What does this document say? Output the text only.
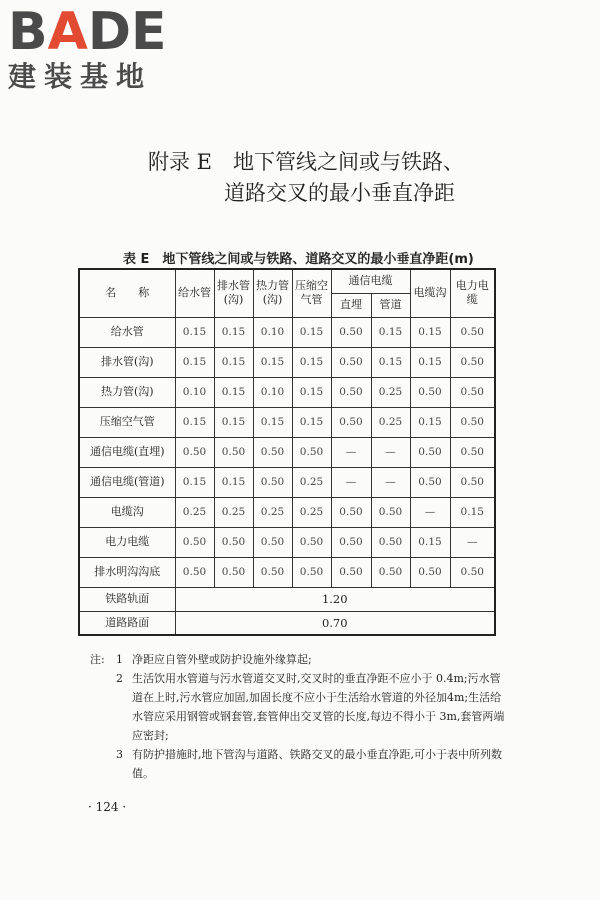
BADE
建装基地
附录 E　地下管线之间或与铁路、
道路交叉的最小垂直净距
表 E　地下管线之间或与铁路、道路交叉的最小垂直净距(m)
名　　称	给水管	排水管(沟)	热力管(沟)	压缩空气管	通信电缆		电缆沟	电力电缆
					直埋	管道		
给水管	0.15	0.15	0.10	0.15	0.50	0.15	0.15	0.50
排水管(沟)	0.15	0.15	0.15	0.15	0.50	0.15	0.15	0.50
热力管(沟)	0.10	0.15	0.10	0.15	0.50	0.25	0.50	0.50
压缩空气管	0.15	0.15	0.15	0.15	0.50	0.25	0.15	0.50
通信电缆(直埋)	0.50	0.50	0.50	0.50	—	—	0.50	0.50
通信电缆(管道)	0.15	0.15	0.50	0.25	—	—	0.50	0.50
电缆沟	0.25	0.25	0.25	0.25	0.50	0.50	—	0.15
电力电缆	0.50	0.50	0.50	0.50	0.50	0.50	0.15	—
排水明沟沟底	0.50	0.50	0.50	0.50	0.50	0.50	0.50	0.50
铁路轨面	1.20							
道路路面	0.70							
注: 1 净距应自管外壁或防护设施外缘算起;
2 生活饮用水管道与污水管道交叉时,交叉时的垂直净距不应小于 0.4m;污水管道在上时,污水管应加固,加固长度不应小于生活给水管道的外径加4m;生活给水管应采用钢管或钢套管,套管伸出交叉管的长度,每边不得小于 3m,套管两端应密封;
3 有防护措施时,地下管沟与道路、铁路交叉的最小垂直净距,可小于表中所列数值。
· 124 ·
